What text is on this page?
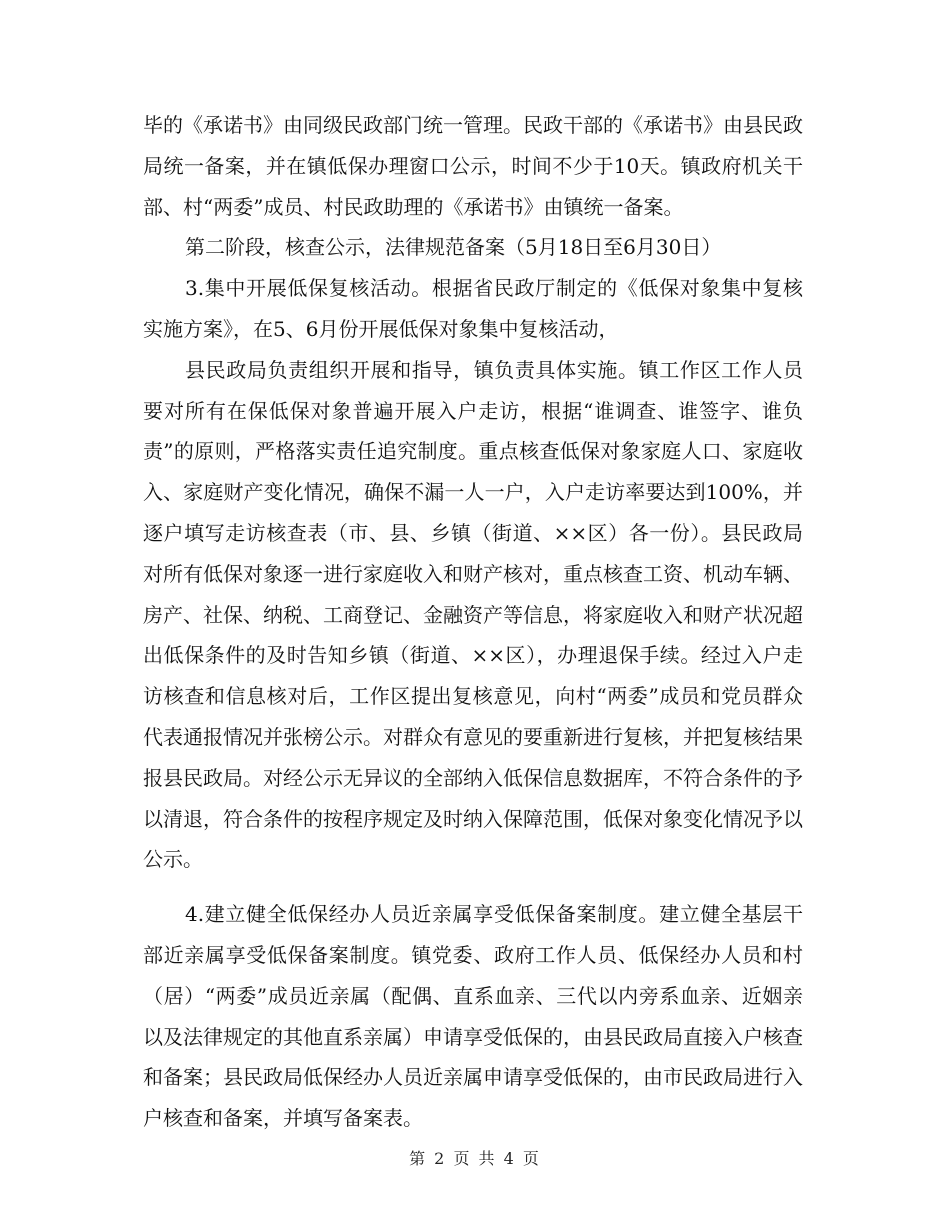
毕的《承诺书》由同级民政部门统一管理。民政干部的《承诺书》由县民政局统一备案，并在镇低保办理窗口公示，时间不少于10天。镇政府机关干部、村“两委”成员、村民政助理的《承诺书》由镇统一备案。

第二阶段，核查公示，法律规范备案（5月18日至6月30日）

3.集中开展低保复核活动。根据省民政厅制定的《低保对象集中复核实施方案》，在5、6月份开展低保对象集中复核活动，

县民政局负责组织开展和指导，镇负责具体实施。镇工作区工作人员要对所有在保低保对象普遍开展入户走访，根据“谁调查、谁签字、谁负责”的原则，严格落实责任追究制度。重点核查低保对象家庭人口、家庭收入、家庭财产变化情况，确保不漏一人一户，入户走访率要达到100%，并逐户填写走访核查表（市、县、乡镇（街道、××区）各一份）。县民政局对所有低保对象逐一进行家庭收入和财产核对，重点核查工资、机动车辆、房产、社保、纳税、工商登记、金融资产等信息，将家庭收入和财产状况超出低保条件的及时告知乡镇（街道、××区），办理退保手续。经过入户走访核查和信息核对后，工作区提出复核意见，向村“两委”成员和党员群众代表通报情况并张榜公示。对群众有意见的要重新进行复核，并把复核结果报县民政局。对经公示无异议的全部纳入低保信息数据库，不符合条件的予以清退，符合条件的按程序规定及时纳入保障范围，低保对象变化情况予以公示。

4.建立健全低保经办人员近亲属享受低保备案制度。建立健全基层干部近亲属享受低保备案制度。镇党委、政府工作人员、低保经办人员和村（居）“两委”成员近亲属（配偶、直系血亲、三代以内旁系血亲、近姻亲以及法律规定的其他直系亲属）申请享受低保的，由县民政局直接入户核查和备案；县民政局低保经办人员近亲属申请享受低保的，由市民政局进行入户核查和备案，并填写备案表。

第 2 页 共 4 页
